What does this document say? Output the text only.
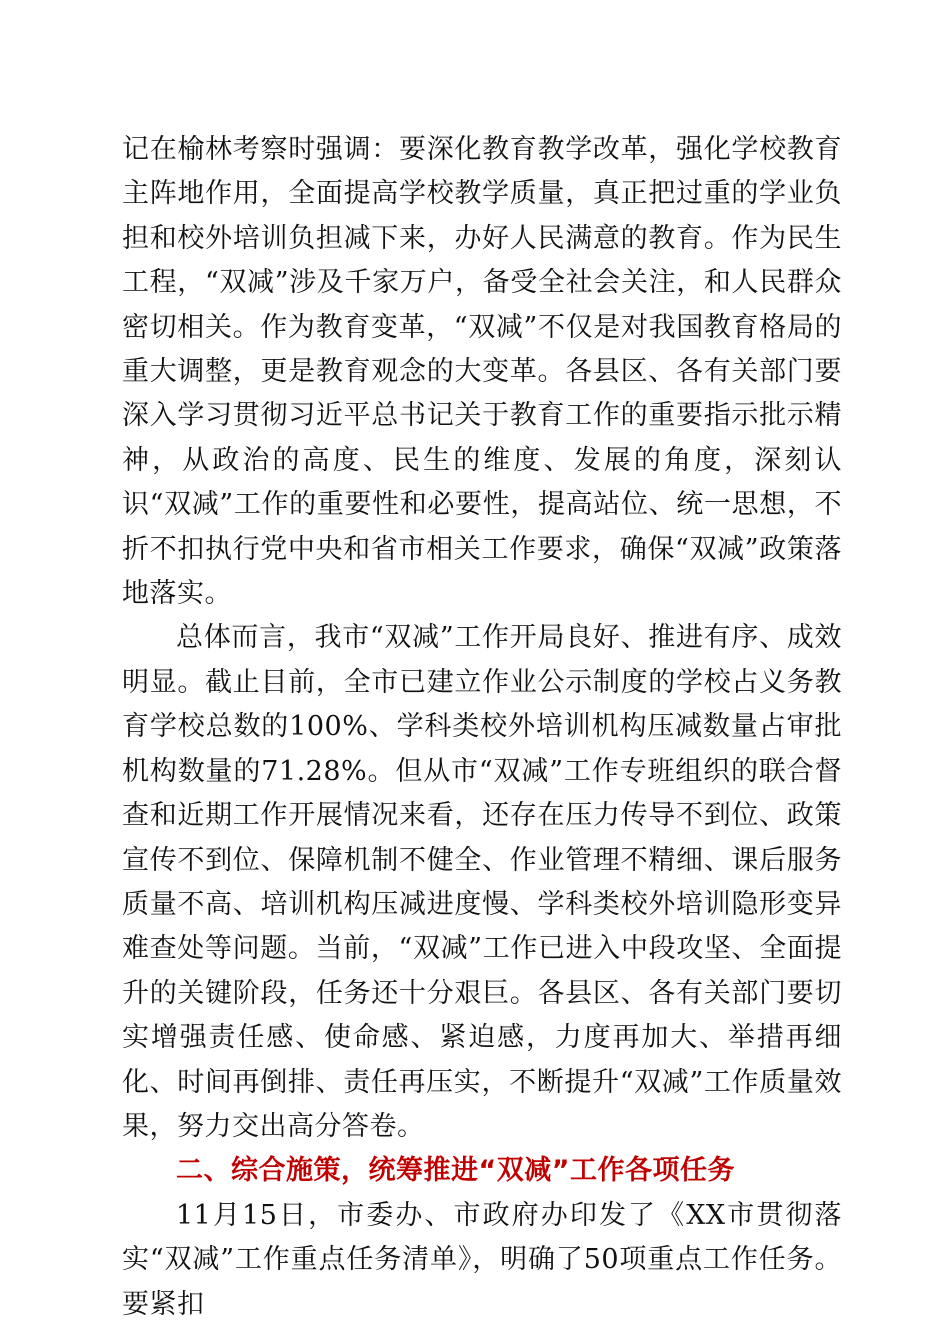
记在榆林考察时强调：要深化教育教学改革，强化学校教育主阵地作用，全面提高学校教学质量，真正把过重的学业负担和校外培训负担减下来，办好人民满意的教育。作为民生工程，“双减”涉及千家万户，备受全社会关注，和人民群众密切相关。作为教育变革，“双减”不仅是对我国教育格局的重大调整，更是教育观念的大变革。各县区、各有关部门要深入学习贯彻习近平总书记关于教育工作的重要指示批示精神，从政治的高度、民生的维度、发展的角度，深刻认识“双减”工作的重要性和必要性，提高站位、统一思想，不折不扣执行党中央和省市相关工作要求，确保“双减”政策落地落实。

总体而言，我市“双减”工作开局良好、推进有序、成效明显。截止目前，全市已建立作业公示制度的学校占义务教育学校总数的100%、学科类校外培训机构压减数量占审批机构数量的71.28%。但从市“双减”工作专班组织的联合督查和近期工作开展情况来看，还存在压力传导不到位、政策宣传不到位、保障机制不健全、作业管理不精细、课后服务质量不高、培训机构压减进度慢、学科类校外培训隐形变异难查处等问题。当前，“双减”工作已进入中段攻坚、全面提升的关键阶段，任务还十分艰巨。各县区、各有关部门要切实增强责任感、使命感、紧迫感，力度再加大、举措再细化、时间再倒排、责任再压实，不断提升“双减”工作质量效果，努力交出高分答卷。

二、综合施策，统筹推进“双减”工作各项任务

11月15日，市委办、市政府办印发了《XX市贯彻落实“双减”工作重点任务清单》，明确了50项重点工作任务。要紧扣
